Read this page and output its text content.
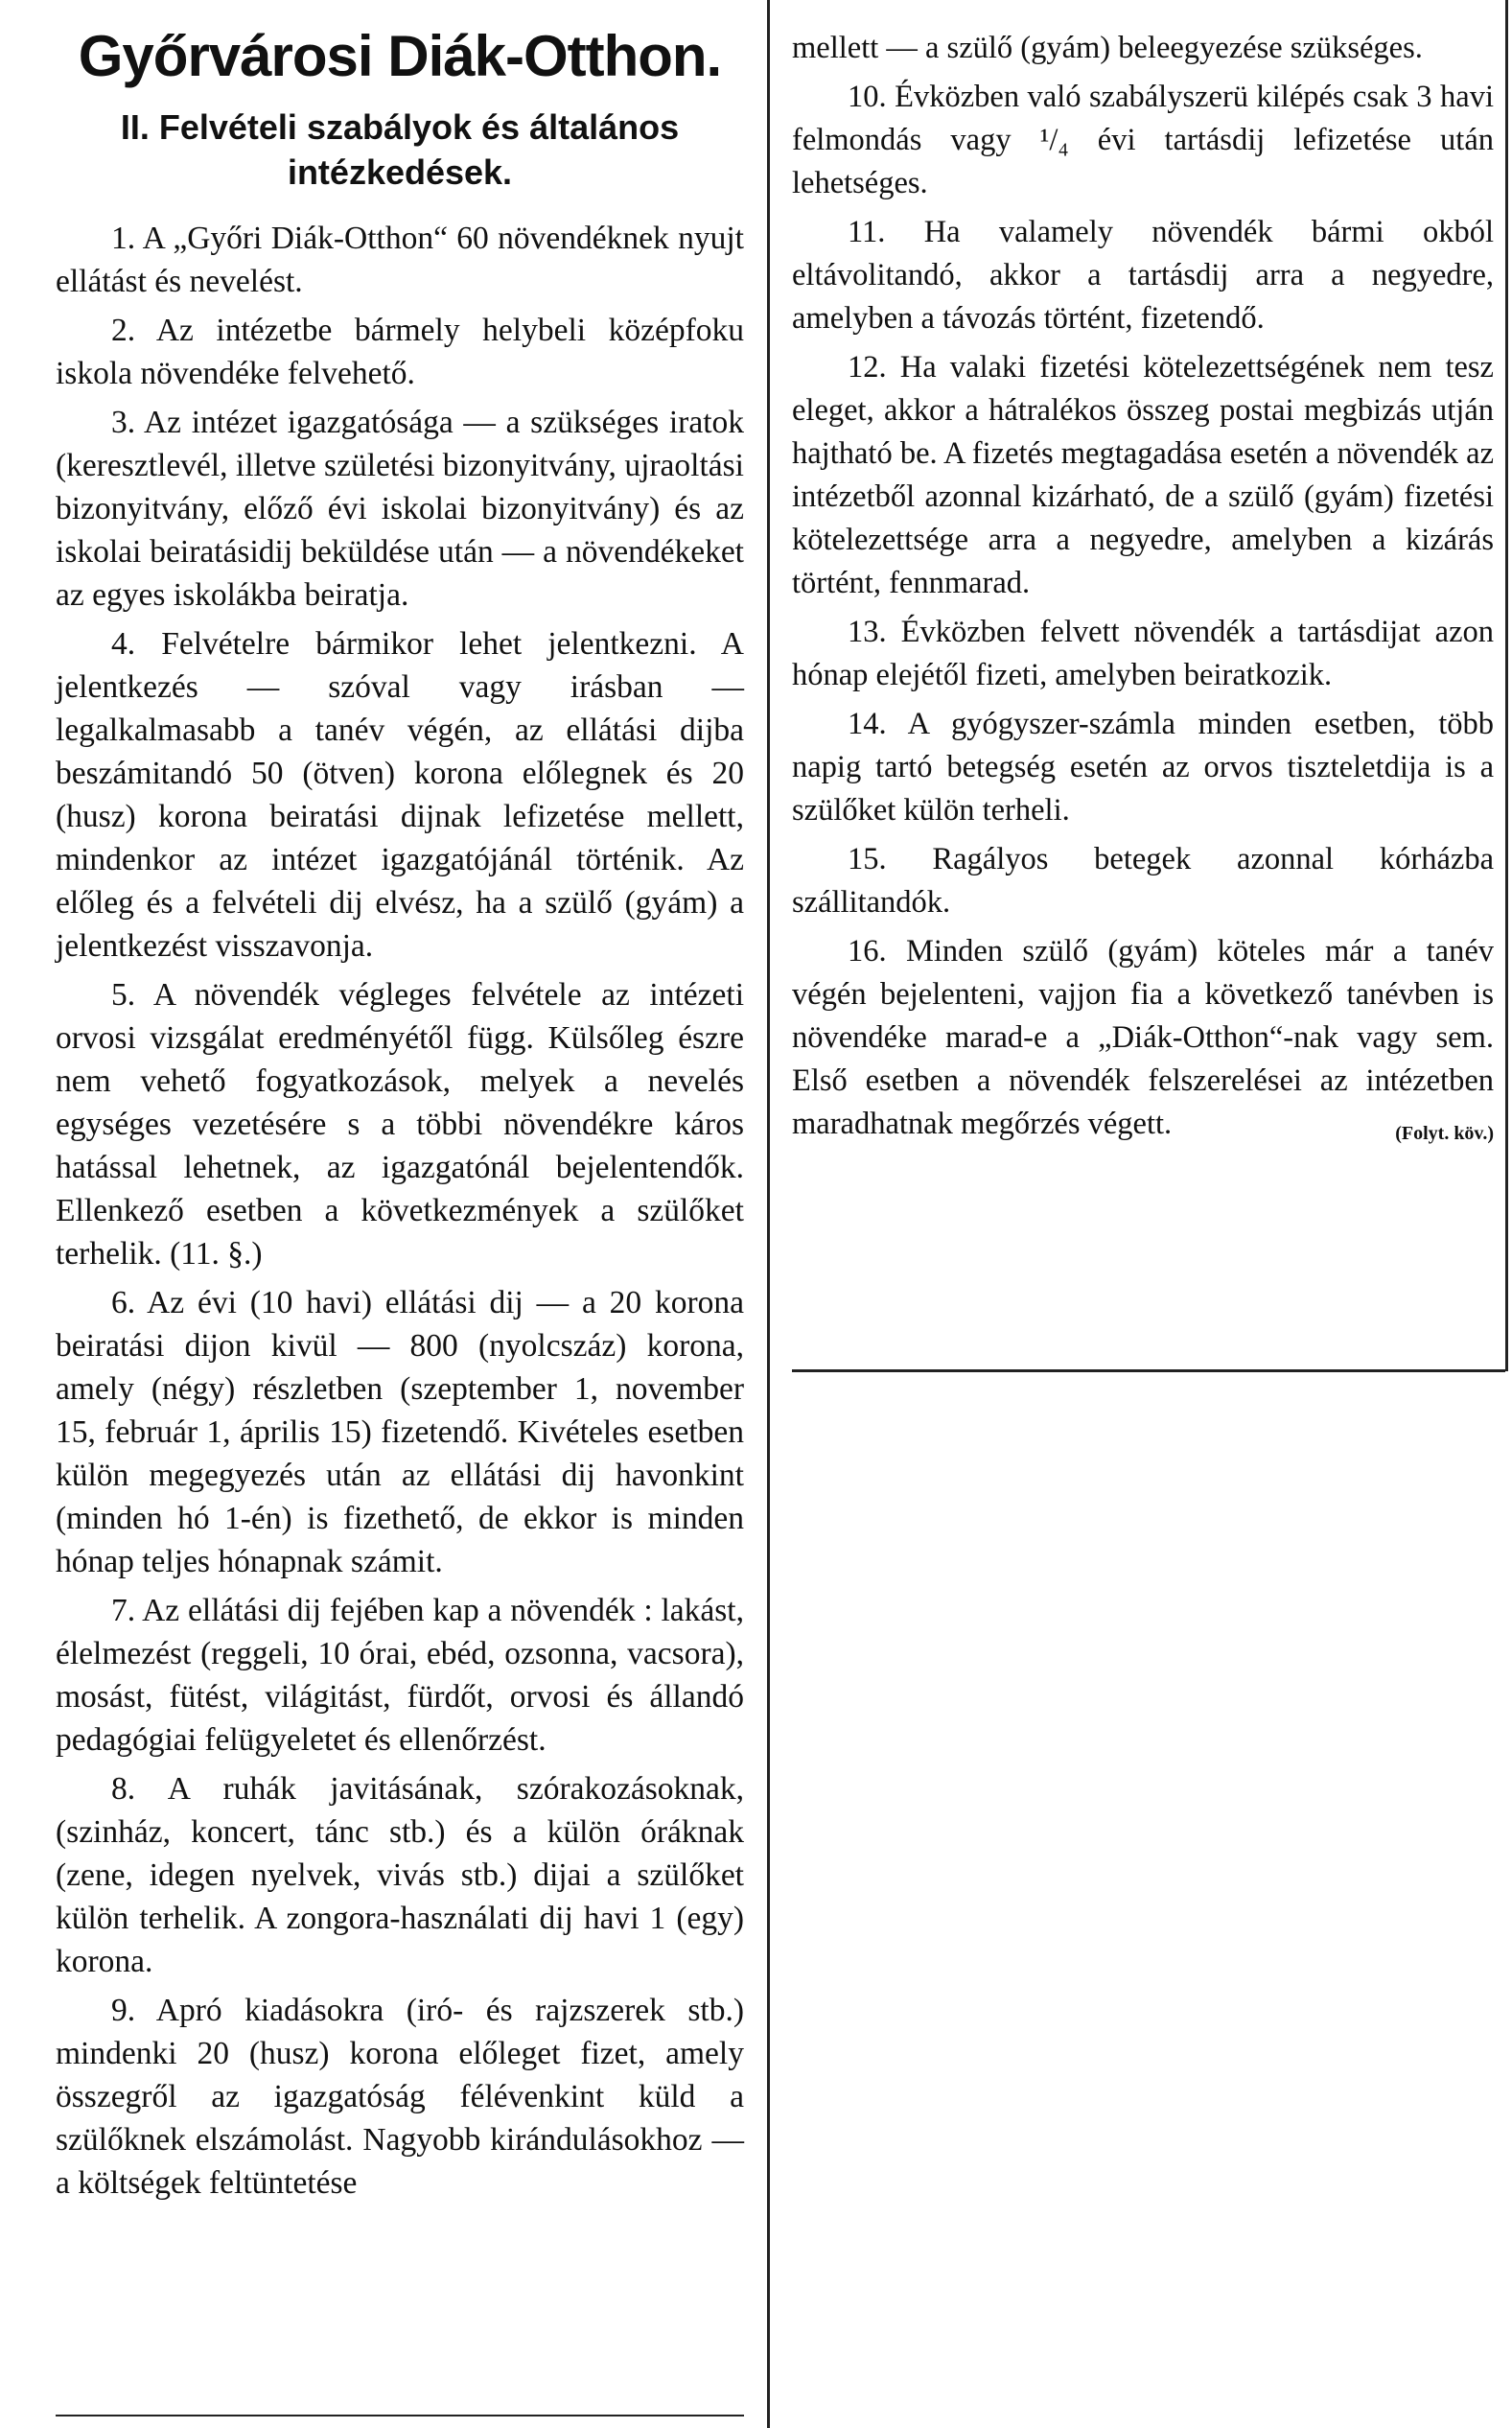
Győrvárosi Diák-Otthon.
II. Felvételi szabályok és általános intézkedések.

1. A „Győri Diák-Otthon“ 60 növendéknek nyujt ellátást és nevelést.

2. Az intézetbe bármely helybeli középfoku iskola növendéke felvehető.

3. Az intézet igazgatósága — a szükséges iratok (keresztlevél, illetve születési bizonyitvány, ujraoltási bizonyitvány, előző évi iskolai bizonyitvány) és az iskolai beiratásidij beküldése után — a növendékeket az egyes iskolákba beiratja.

4. Felvételre bármikor lehet jelentkezni. A jelentkezés — szóval vagy irásban — legalkalmasabb a tanév végén, az ellátási dijba beszámitandó 50 (ötven) korona előlegnek és 20 (husz) korona beiratási dijnak lefizetése mellett, mindenkor az intézet igazgatójánál történik. Az előleg és a felvételi dij elvész, ha a szülő (gyám) a jelentkezést visszavonja.

5. A növendék végleges felvétele az intézeti orvosi vizsgálat eredményétől függ. Külsőleg észre nem vehető fogyatkozások, melyek a nevelés egységes vezetésére s a többi növendékre káros hatással lehetnek, az igazgatónál bejelentendők. Ellenkező esetben a következmények a szülőket terhelik. (11. §.)

6. Az évi (10 havi) ellátási dij — a 20 korona beiratási dijon kivül — 800 (nyolcszáz) korona, amely (négy) részletben (szeptember 1, november 15, február 1, április 15) fizetendő. Kivételes esetben külön megegyezés után az ellátási dij havonkint (minden hó 1-én) is fizethető, de ekkor is minden hónap teljes hónapnak számit.

7. Az ellátási dij fejében kap a növendék : lakást, élelmezést (reggeli, 10 órai, ebéd, ozsonna, vacsora), mosást, fütést, világitást, fürdőt, orvosi és állandó pedagógiai felügyeletet és ellenőrzést.

8. A ruhák javitásának, szórakozásoknak, (szinház, koncert, tánc stb.) és a külön óráknak (zene, idegen nyelvek, vivás stb.) dijai a szülőket külön terhelik. A zongora-használati dij havi 1 (egy) korona.

9. Apró kiadásokra (iró- és rajzszerek stb.) mindenki 20 (husz) korona előleget fizet, amely összegről az igazgatóság félévenkint küld a szülőknek elszámolást. Nagyobb kirándulásokhoz — a költségek feltüntetése

mellett — a szülő (gyám) beleegyezése szükséges.

10. Évközben való szabályszerü kilépés csak 3 havi felmondás vagy ¹/₄ évi tartásdij lefizetése után lehetséges.

11. Ha valamely növendék bármi okból eltávolitandó, akkor a tartásdij arra a negyedre, amelyben a távozás történt, fizetendő.

12. Ha valaki fizetési kötelezettségének nem tesz eleget, akkor a hátralékos összeg postai megbizás utján hajtható be. A fizetés megtagadása esetén a növendék az intézetből azonnal kizárható, de a szülő (gyám) fizetési kötelezettsége arra a negyedre, amelyben a kizárás történt, fennmarad.

13. Évközben felvett növendék a tartásdijat azon hónap elejétől fizeti, amelyben beiratkozik.

14. A gyógyszer-számla minden esetben, több napig tartó betegség esetén az orvos tiszteletdija is a szülőket külön terheli.

15. Ragályos betegek azonnal kórházba szállitandók.

16. Minden szülő (gyám) köteles már a tanév végén bejelenteni, vajjon fia a következő tanévben is növendéke marad-e a „Diák-Otthon“-nak vagy sem. Első esetben a növendék felszerelései az intézetben maradhatnak megőrzés végett.	(Folyt. köv.)
